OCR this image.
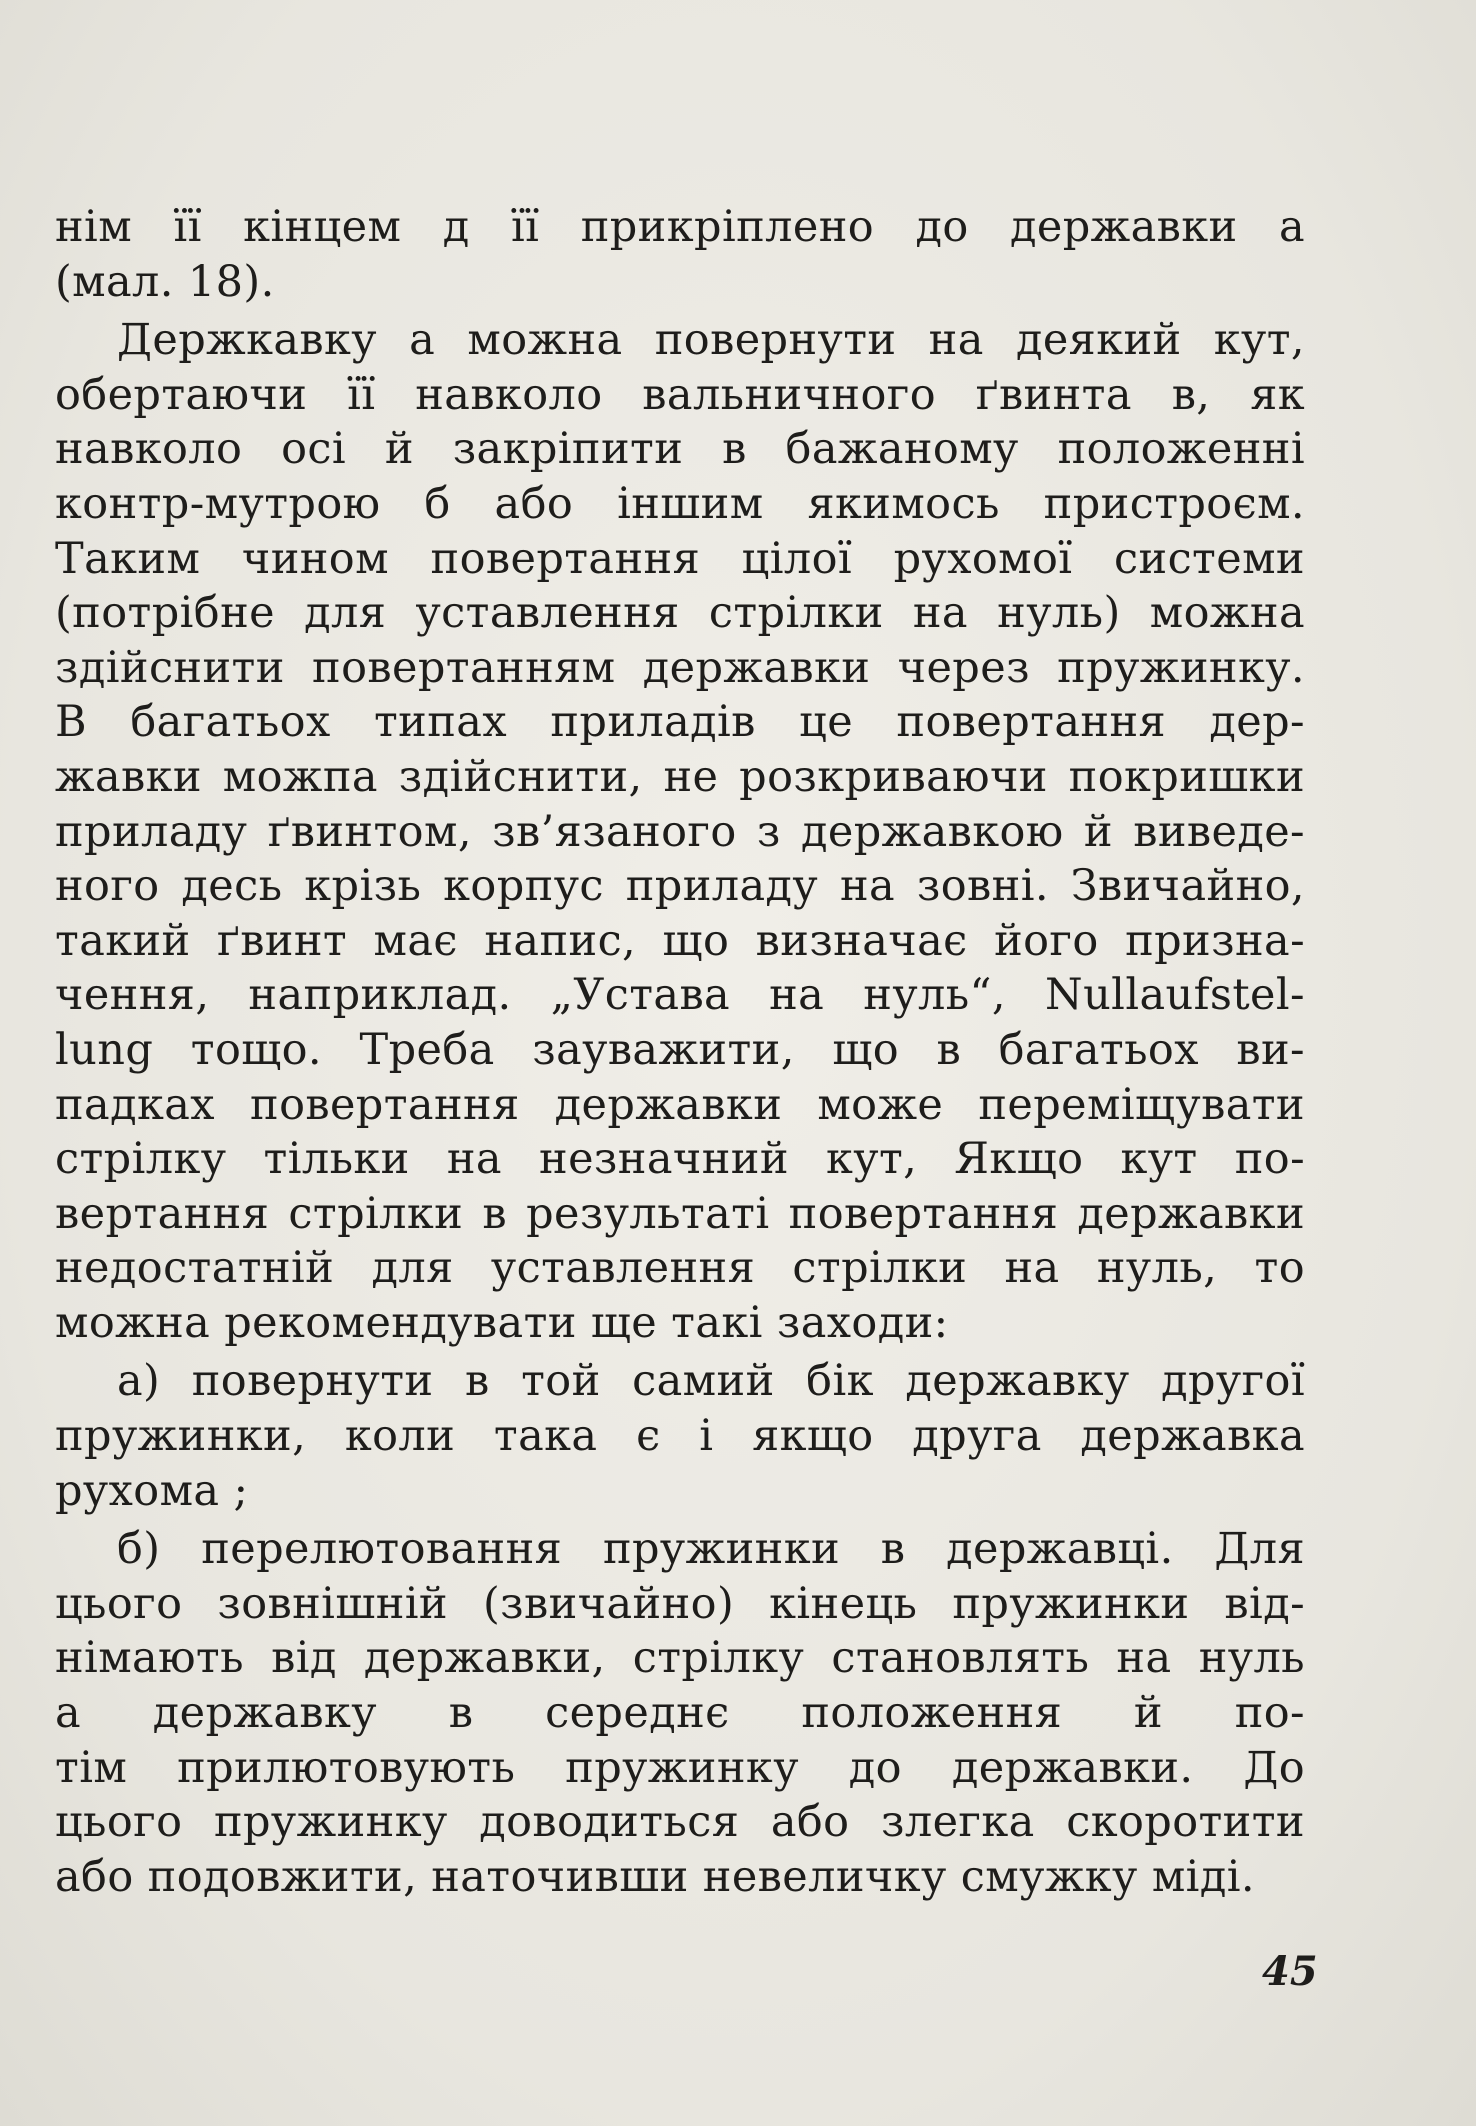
нім її кінцем д її прикріплено до державки а
(мал. 18).
Держкавку а можна повернути на деякий кут,
обертаючи її навколо вальничного ґвинта в, як
навколо осі й закріпити в бажаному положенні
контр-мутрою б або іншим якимось пристроєм.
Таким чином повертання цілої рухомої системи
(потрібне для уставлення стрілки на нуль) можна
здійснити повертанням державки через пружинку.
В багатьох типах приладів це повертання дер-
жавки можпа здійснити, не розкриваючи покришки
приладу ґвинтом, зв’язаного з державкою й виведе-
ного десь крізь корпус приладу на зовні. Звичайно,
такий ґвинт має напис, що визначає його призна-
чення, наприклад. „Устава на нуль“, Nullaufstel-
lung тощо. Треба зауважити, що в багатьох ви-
падках повертання державки може переміщувати
стрілку тільки на незначний кут, Якщо кут по-
вертання стрілки в результаті повертання державки
недостатній для уставлення стрілки на нуль, то
можна рекомендувати ще такі заходи:
а) повернути в той самий бік державку другої
пружинки, коли така є і якщо друга державка
рухома ;
б) перелютовання пружинки в державці. Для
цього зовнішній (звичайно) кінець пружинки від-
німають від державки, стрілку становлять на нуль
а державку в середнє положення й по-
тім прилютовують пружинку до державки. До
цього пружинку доводиться або злегка скоротити
або подовжити, наточивши невеличку смужку міді.
45
